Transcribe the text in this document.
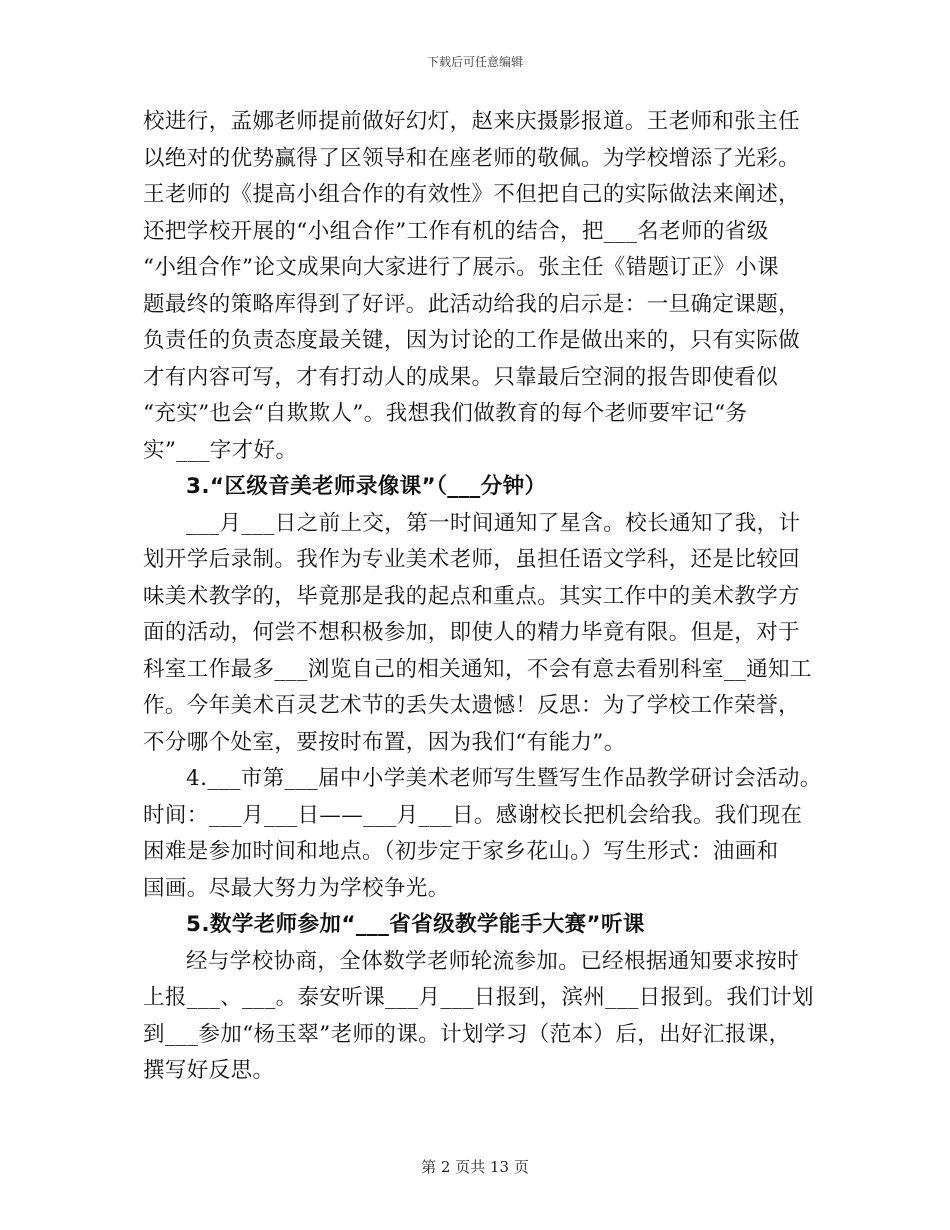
下载后可任意编辑
校进行，孟娜老师提前做好幻灯，赵来庆摄影报道。王老师和张主任
以绝对的优势赢得了区领导和在座老师的敬佩。为学校增添了光彩。
王老师的《提高小组合作的有效性》不但把自己的实际做法来阐述，
还把学校开展的“小组合作”工作有机的结合，把___名老师的省级
“小组合作”论文成果向大家进行了展示。张主任《错题订正》小课
题最终的策略库得到了好评。此活动给我的启示是：一旦确定课题，
负责任的负责态度最关键，因为讨论的工作是做出来的，只有实际做
才有内容可写，才有打动人的成果。只靠最后空洞的报告即使看似
“充实”也会“自欺欺人”。我想我们做教育的每个老师要牢记“务
实”___字才好。
3.“区级音美老师录像课”（___分钟）
___月___日之前上交，第一时间通知了星含。校长通知了我，计
划开学后录制。我作为专业美术老师，虽担任语文学科，还是比较回
味美术教学的，毕竟那是我的起点和重点。其实工作中的美术教学方
面的活动，何尝不想积极参加，即使人的精力毕竟有限。但是，对于
科室工作最多___浏览自己的相关通知，不会有意去看别科室__通知工
作。今年美术百灵艺术节的丢失太遗憾！反思：为了学校工作荣誉，
不分哪个处室，要按时布置，因为我们“有能力”。
4.___市第___届中小学美术老师写生暨写生作品教学研讨会活动。
时间：___月___日——___月___日。感谢校长把机会给我。我们现在
困难是参加时间和地点。（初步定于家乡花山。）写生形式：油画和
国画。尽最大努力为学校争光。
5.数学老师参加“___省省级教学能手大赛”听课
经与学校协商，全体数学老师轮流参加。已经根据通知要求按时
上报___、___。泰安听课___月___日报到，滨州___日报到。我们计划
到___参加“杨玉翠”老师的课。计划学习（范本）后，出好汇报课，
撰写好反思。
第 2 页共 13 页
